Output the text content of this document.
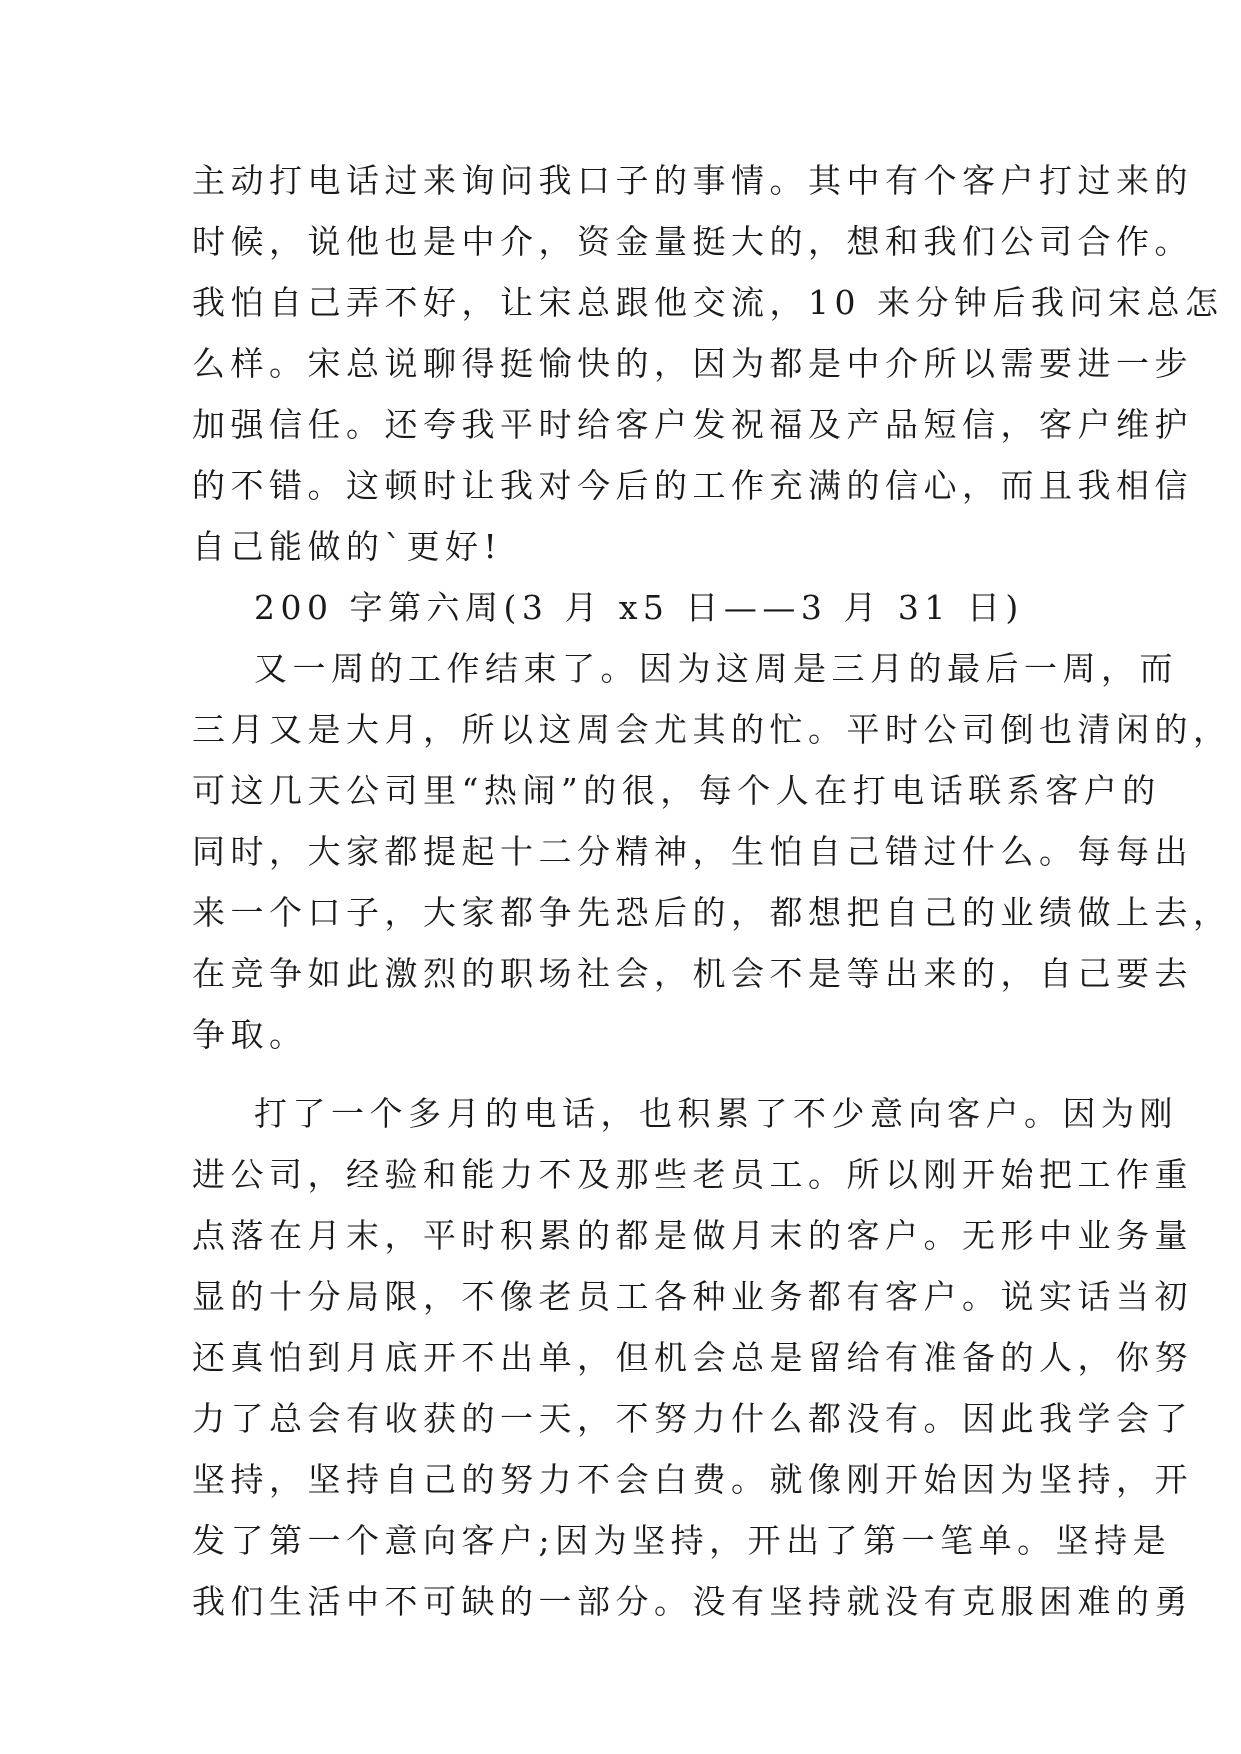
主动打电话过来询问我口子的事情。其中有个客户打过来的
时候，说他也是中介，资金量挺大的，想和我们公司合作。
我怕自己弄不好，让宋总跟他交流，10 来分钟后我问宋总怎
么样。宋总说聊得挺愉快的，因为都是中介所以需要进一步
加强信任。还夸我平时给客户发祝福及产品短信，客户维护
的不错。这顿时让我对今后的工作充满的信心，而且我相信
自己能做的`更好!
200 字第六周(3 月 x5 日——3 月 31 日)
又一周的工作结束了。因为这周是三月的最后一周，而
三月又是大月，所以这周会尤其的忙。平时公司倒也清闲的，
可这几天公司里“热闹”的很，每个人在打电话联系客户的
同时，大家都提起十二分精神，生怕自己错过什么。每每出
来一个口子，大家都争先恐后的，都想把自己的业绩做上去，
在竞争如此激烈的职场社会，机会不是等出来的，自己要去
争取。
打了一个多月的电话，也积累了不少意向客户。因为刚
进公司，经验和能力不及那些老员工。所以刚开始把工作重
点落在月末，平时积累的都是做月末的客户。无形中业务量
显的十分局限，不像老员工各种业务都有客户。说实话当初
还真怕到月底开不出单，但机会总是留给有准备的人，你努
力了总会有收获的一天，不努力什么都没有。因此我学会了
坚持，坚持自己的努力不会白费。就像刚开始因为坚持，开
发了第一个意向客户;因为坚持，开出了第一笔单。坚持是
我们生活中不可缺的一部分。没有坚持就没有克服困难的勇
